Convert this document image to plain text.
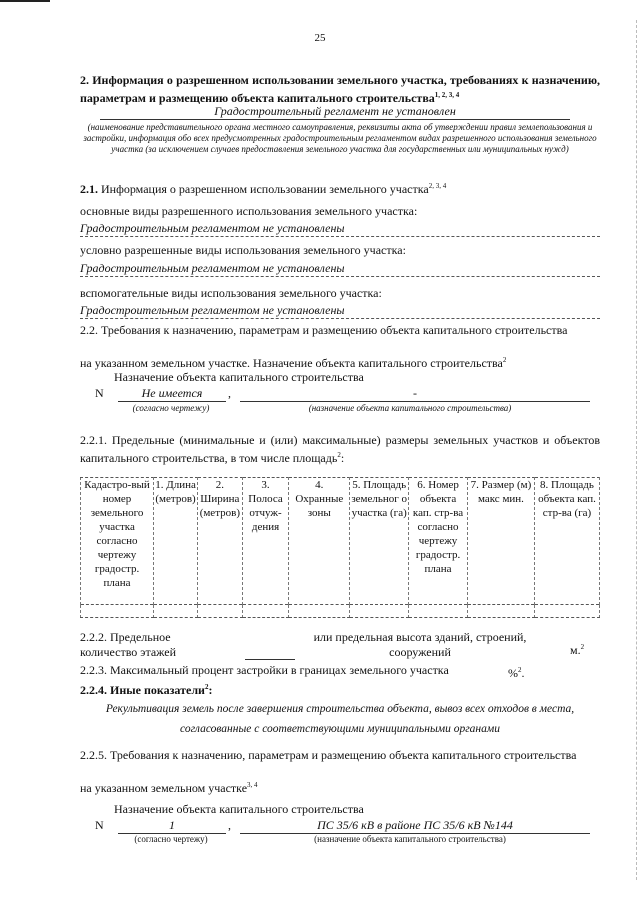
25
2. Информация о разрешенном использовании земельного участка, требованиях к назначению, параметрам и размещению объекта капитального строительства$^{1, 2, 3, 4}$
Градостроительный регламент не установлен
(наименование представительного органа местного самоуправления, реквизиты акта об утверждении правил землепользования и застройки, информация обо всех предусмотренных градостроительным регламентом видах разрешенного использования земельного участка (за исключением случаев предоставления земельного участка для государственных или муниципальных нужд)
2.1. Информация о разрешенном использовании земельного участка$^{2, 3, 4}$
основные виды разрешенного использования земельного участка:
Градостроительным регламентом не установлены
условно разрешенные виды использования земельного участка:
Градостроительным регламентом не установлены
вспомогательные виды использования земельного участка:
Градостроительным регламентом не установлены
2.2. Требования к назначению, параметрам и размещению объекта капитального строительства
на указанном земельном участке. Назначение объекта капитального строительства$^2$
Назначение объекта капитального строительства
N	Не имеется	,	-
(согласно чертежу)	(назначение объекта капитального строительства)
2.2.1. Предельные (минимальные и (или) максимальные) размеры земельных участков и объектов капитального строительства, в том числе площадь$^2$:
Кадастро-вый номер земельного участка согласно чертежу градостр. плана	1. Длина (метров)	2. Ширина (метров)	3. Полоса отчуж-дения	4. Охранные зоны	5. Площадь земельног о участка (га)	6. Номер объекта кап. стр-ва согласно чертежу градостр. плана	7. Размер (м) макс мин.	8. Площадь объекта кап. стр-ва (га)

2.2.2. Предельное количество этажей

или предельная высота зданий, строений, сооружений	м.$^2$
2.2.3. Максимальный процент застройки в границах земельного участка	%$^2$.
2.2.4. Иные показатели$^2$:
Рекультивация земель после завершения строительства объекта, вывоз всех отходов в места, согласованные с соответствующими муниципальными органами
2.2.5. Требования к назначению, параметрам и размещению объекта капитального строительства
на указанном земельном участке$^{3, 4}$
Назначение объекта капитального строительства
N	1	,	ПС 35/6 кВ в районе ПС 35/6 кВ №144
(согласно чертежу)	(назначение объекта капитального строительства)
